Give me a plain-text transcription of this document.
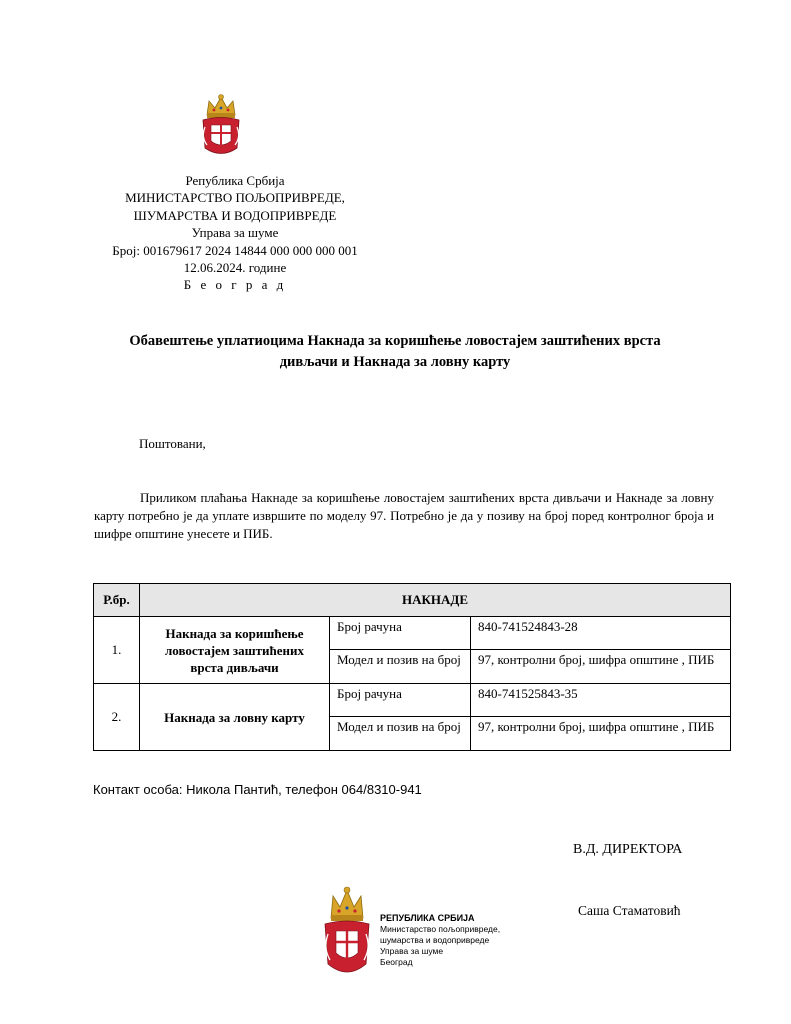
Република Србија
МИНИСТАРСТВО ПОЉОПРИВРЕДЕ,
ШУМАРСТВА И ВОДОПРИВРЕДЕ
Управа за шуме
Број: 001679617 2024 14844 000 000 000 001
12.06.2024. године
Б е о г р а д
Обавештење уплатиоцима Накнада за коришћење ловостајем заштићених врста
дивљачи и Накнада за ловну карту
Поштовани,

Приликом плаћања Накнаде за коришћење ловостајем заштићених врста дивљачи и Накнаде за ловну карту потребно је да уплате извршите по моделу 97. Потребно је да у позиву на број поред контролног броја и шифре општине унесете и ПИБ.

Р.бр.	НАКНАДЕ		
1.	Накнада за коришћење ловостајем заштићених врста дивљачи	Број рачуна	840-741524843-28
		Модел и позив на број	97, контролни број, шифра општине , ПИБ
2.	Накнада за ловну карту	Број рачуна	840-741525843-35
		Модел и позив на број	97, контролни број, шифра општине , ПИБ
Контакт особа: Никола Пантић, телефон 064/8310-941
В.Д. ДИРЕКТОРА
РЕПУБЛИКА СРБИЈА
Министарство пољопривреде,
шумарства и водопривреде
Управа за шуме
Београд
Саша Стаматовић
